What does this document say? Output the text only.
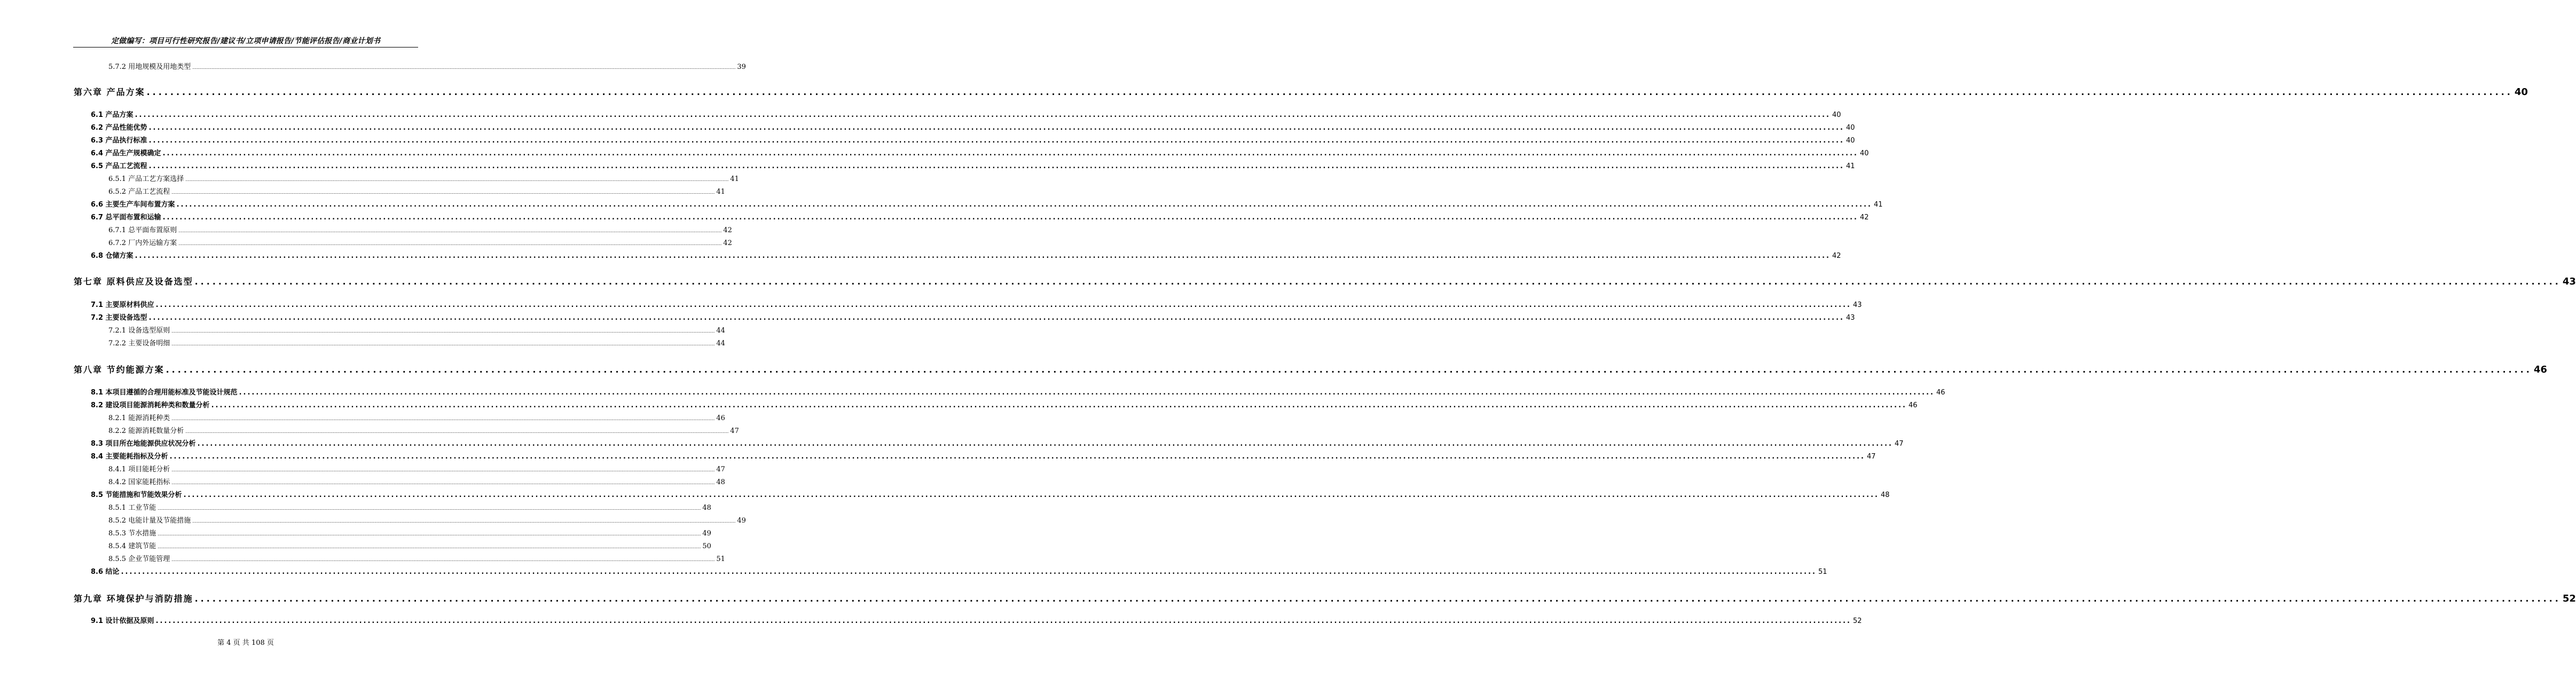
定做编写：项目可行性研究报告/建议书/立项申请报告/节能评估报告/商业计划书
5.7.2 用地规模及用地类型 ................................................................................................................................................................................................................................................................................................................................................................................................................ 39
第六章 产品方案 ................................................................................................................................................................................................................................................................................................................................................................................................................ 40
6.1 产品方案 ................................................................................................................................................................................................................................................................................................................................................................................................................ 40
6.2 产品性能优势 ................................................................................................................................................................................................................................................................................................................................................................................................................ 40
6.3 产品执行标准 ................................................................................................................................................................................................................................................................................................................................................................................................................ 40
6.4 产品生产规模确定 ................................................................................................................................................................................................................................................................................................................................................................................................................ 40
6.5 产品工艺流程 ................................................................................................................................................................................................................................................................................................................................................................................................................ 41
6.5.1 产品工艺方案选择 ................................................................................................................................................................................................................................................................................................................................................................................................................ 41
6.5.2 产品工艺流程 ................................................................................................................................................................................................................................................................................................................................................................................................................ 41
6.6 主要生产车间布置方案 ................................................................................................................................................................................................................................................................................................................................................................................................................ 41
6.7 总平面布置和运输 ................................................................................................................................................................................................................................................................................................................................................................................................................ 42
6.7.1 总平面布置原则 ................................................................................................................................................................................................................................................................................................................................................................................................................ 42
6.7.2 厂内外运输方案 ................................................................................................................................................................................................................................................................................................................................................................................................................ 42
6.8 仓储方案 ................................................................................................................................................................................................................................................................................................................................................................................................................ 42
第七章 原料供应及设备选型 ................................................................................................................................................................................................................................................................................................................................................................................................................ 43
7.1 主要原材料供应 ................................................................................................................................................................................................................................................................................................................................................................................................................ 43
7.2 主要设备选型 ................................................................................................................................................................................................................................................................................................................................................................................................................ 43
7.2.1 设备选型原则 ................................................................................................................................................................................................................................................................................................................................................................................................................ 44
7.2.2 主要设备明细 ................................................................................................................................................................................................................................................................................................................................................................................................................ 44
第八章 节约能源方案 ................................................................................................................................................................................................................................................................................................................................................................................................................ 46
8.1 本项目遵循的合理用能标准及节能设计规范 ................................................................................................................................................................................................................................................................................................................................................................................................................ 46
8.2 建设项目能源消耗种类和数量分析 ................................................................................................................................................................................................................................................................................................................................................................................................................ 46
8.2.1 能源消耗种类 ................................................................................................................................................................................................................................................................................................................................................................................................................ 46
8.2.2 能源消耗数量分析 ................................................................................................................................................................................................................................................................................................................................................................................................................ 47
8.3 项目所在地能源供应状况分析 ................................................................................................................................................................................................................................................................................................................................................................................................................ 47
8.4 主要能耗指标及分析 ................................................................................................................................................................................................................................................................................................................................................................................................................ 47
8.4.1 项目能耗分析 ................................................................................................................................................................................................................................................................................................................................................................................................................ 47
8.4.2 国家能耗指标 ................................................................................................................................................................................................................................................................................................................................................................................................................ 48
8.5 节能措施和节能效果分析 ................................................................................................................................................................................................................................................................................................................................................................................................................ 48
8.5.1 工业节能 ................................................................................................................................................................................................................................................................................................................................................................................................................ 48
8.5.2 电能计量及节能措施 ................................................................................................................................................................................................................................................................................................................................................................................................................ 49
8.5.3 节水措施 ................................................................................................................................................................................................................................................................................................................................................................................................................ 49
8.5.4 建筑节能 ................................................................................................................................................................................................................................................................................................................................................................................................................ 50
8.5.5 企业节能管理 ................................................................................................................................................................................................................................................................................................................................................................................................................ 51
8.6 结论 ................................................................................................................................................................................................................................................................................................................................................................................................................ 51
第九章 环境保护与消防措施 ................................................................................................................................................................................................................................................................................................................................................................................................................ 52
9.1 设计依据及原则 ................................................................................................................................................................................................................................................................................................................................................................................................................ 52
第 4 页 共 108 页
